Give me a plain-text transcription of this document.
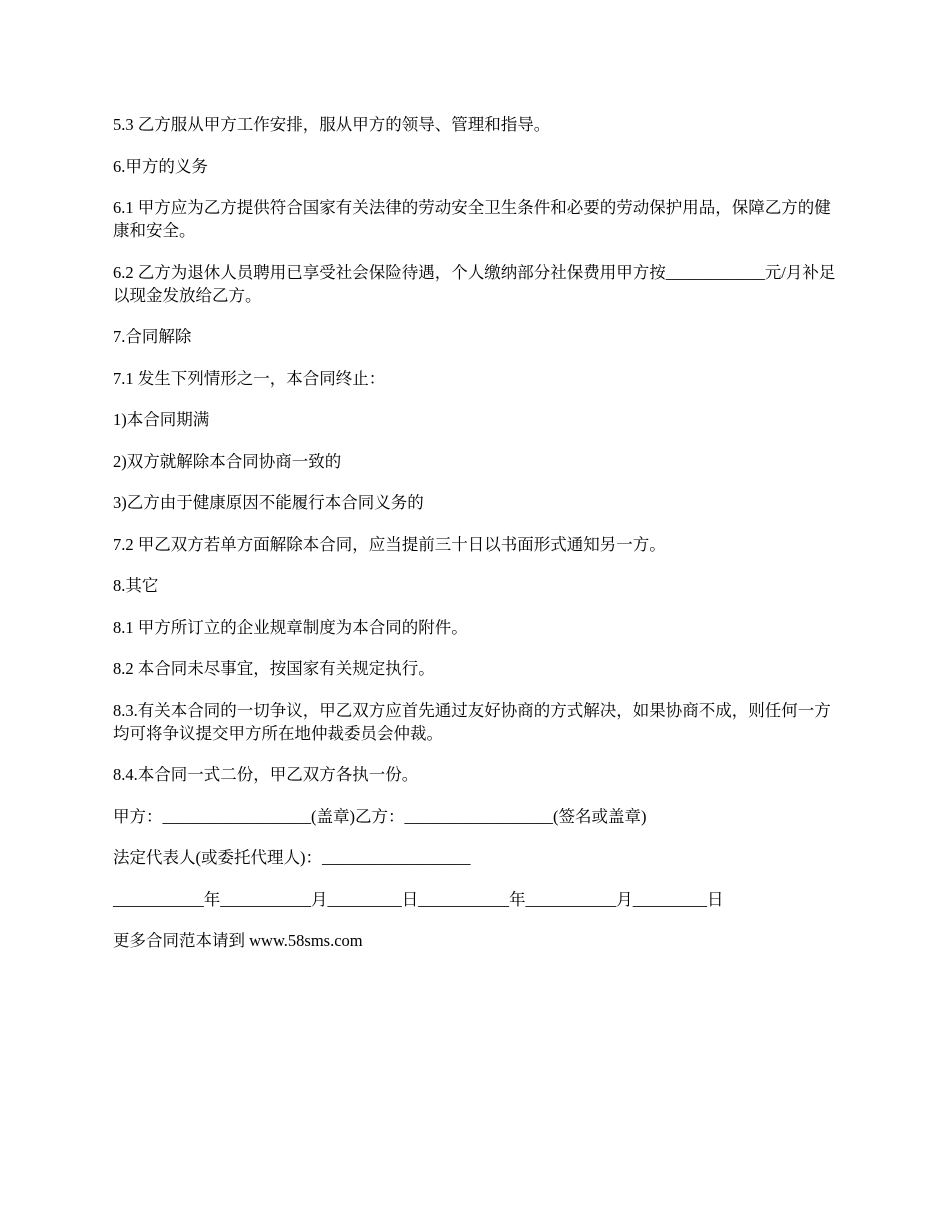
5.3 乙方服从甲方工作安排，服从甲方的领导、管理和指导。

6.甲方的义务

6.1 甲方应为乙方提供符合国家有关法律的劳动安全卫生条件和必要的劳动保护用品，保障乙方的健康和安全。

6.2 乙方为退休人员聘用已享受社会保险待遇，个人缴纳部分社保费用甲方按____________元/月补足以现金发放给乙方。

7.合同解除

7.1 发生下列情形之一，本合同终止：

1)本合同期满

2)双方就解除本合同协商一致的

3)乙方由于健康原因不能履行本合同义务的

7.2 甲乙双方若单方面解除本合同，应当提前三十日以书面形式通知另一方。

8.其它

8.1 甲方所订立的企业规章制度为本合同的附件。

8.2 本合同未尽事宜，按国家有关规定执行。

8.3.有关本合同的一切争议，甲乙双方应首先通过友好协商的方式解决，如果协商不成，则任何一方均可将争议提交甲方所在地仲裁委员会仲裁。

8.4.本合同一式二份，甲乙双方各执一份。

甲方：__________________(盖章)乙方：__________________(签名或盖章)

法定代表人(或委托代理人)：__________________

___________年___________月_________日___________年___________月_________日

更多合同范本请到 www.58sms.com
